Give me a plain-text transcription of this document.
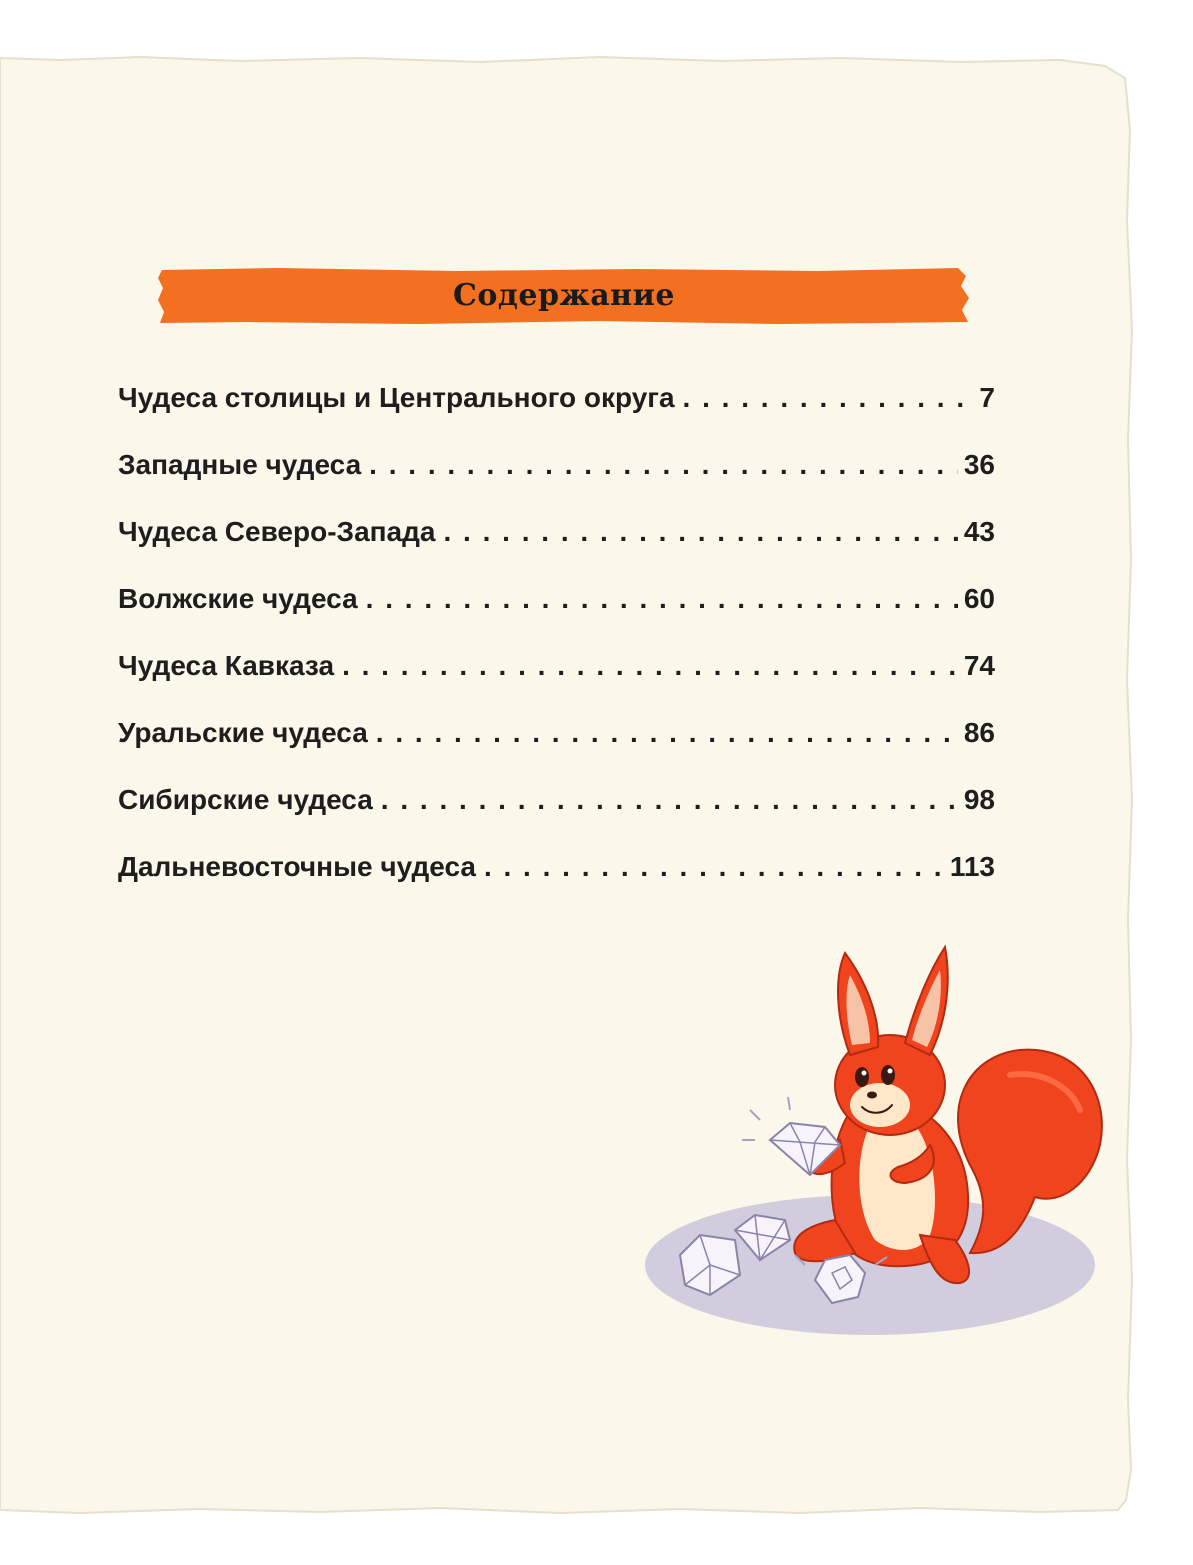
Содержание
Чудеса столицы и Центрального округа . . .	7
Западные чудеса . . .	36
Чудеса Северо-Запада . . .	43
Волжские чудеса . . .	60
Чудеса Кавказа . . .	74
Уральские чудеса . . .	86
Сибирские чудеса . . .	98
Дальневосточные чудеса . . .	113
